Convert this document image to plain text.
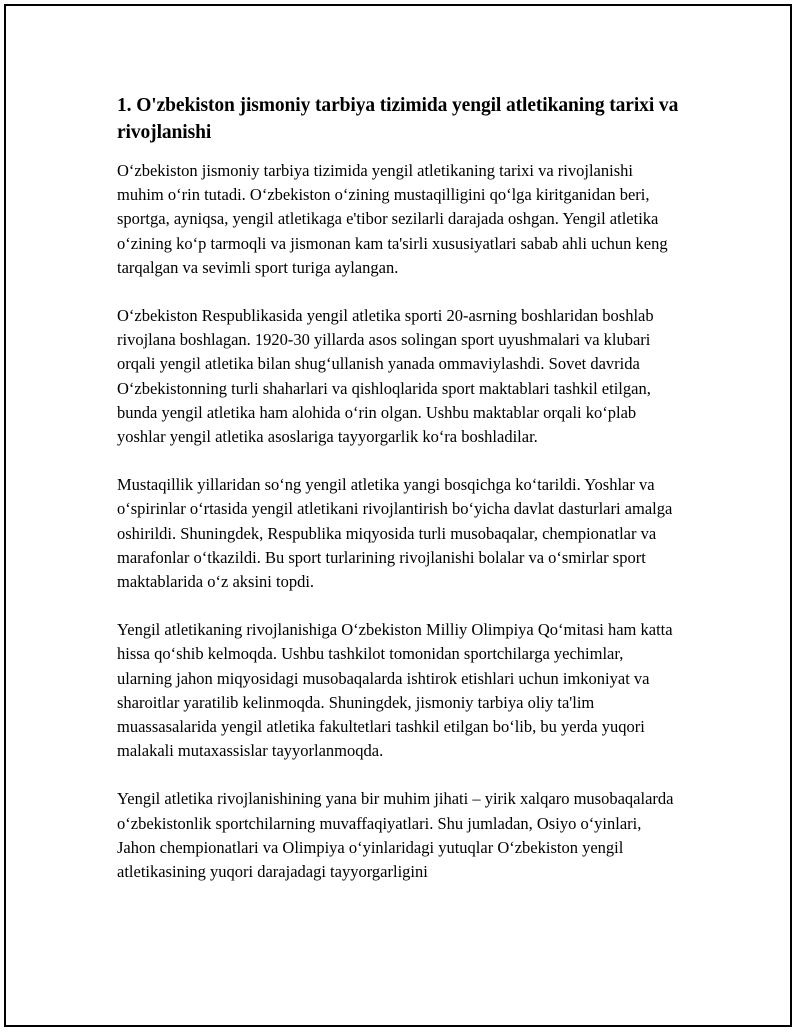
1. O'zbekiston jismoniy tarbiya tizimida yengil atletikaning tarixi va rivojlanishi

O‘zbekiston jismoniy tarbiya tizimida yengil atletikaning tarixi va rivojlanishi muhim o‘rin tutadi. O‘zbekiston o‘zining mustaqilligini qo‘lga kiritganidan beri, sportga, ayniqsa, yengil atletikaga e'tibor sezilarli darajada oshgan. Yengil atletika o‘zining ko‘p tarmoqli va jismonan kam ta'sirli xususiyatlari sabab ahli uchun keng tarqalgan va sevimli sport turiga aylangan.

O‘zbekiston Respublikasida yengil atletika sporti 20-asrning boshlaridan boshlab rivojlana boshlagan. 1920-30 yillarda asos solingan sport uyushmalari va klubari orqali yengil atletika bilan shug‘ullanish yanada ommaviylashdi. Sovet davrida O‘zbekistonning turli shaharlari va qishloqlarida sport maktablari tashkil etilgan, bunda yengil atletika ham alohida o‘rin olgan. Ushbu maktablar orqali ko‘plab yoshlar yengil atletika asoslariga tayyorgarlik ko‘ra boshladilar.

Mustaqillik yillaridan so‘ng yengil atletika yangi bosqichga ko‘tarildi. Yoshlar va o‘spirinlar o‘rtasida yengil atletikani rivojlantirish bo‘yicha davlat dasturlari amalga oshirildi. Shuningdek, Respublika miqyosida turli musobaqalar, chempionatlar va marafonlar o‘tkazildi. Bu sport turlarining rivojlanishi bolalar va o‘smirlar sport maktablarida o‘z aksini topdi.

Yengil atletikaning rivojlanishiga O‘zbekiston Milliy Olimpiya Qo‘mitasi ham katta hissa qo‘shib kelmoqda. Ushbu tashkilot tomonidan sportchilarga yechimlar, ularning jahon miqyosidagi musobaqalarda ishtirok etishlari uchun imkoniyat va sharoitlar yaratilib kelinmoqda. Shuningdek, jismoniy tarbiya oliy ta'lim muassasalarida yengil atletika fakultetlari tashkil etilgan bo‘lib, bu yerda yuqori malakali mutaxassislar tayyorlanmoqda.

Yengil atletika rivojlanishining yana bir muhim jihati – yirik xalqaro musobaqalarda o‘zbekistonlik sportchilarning muvaffaqiyatlari. Shu jumladan, Osiyo o‘yinlari, Jahon chempionatlari va Olimpiya o‘yinlaridagi yutuqlar O‘zbekiston yengil atletikasining yuqori darajadagi tayyorgarligini
